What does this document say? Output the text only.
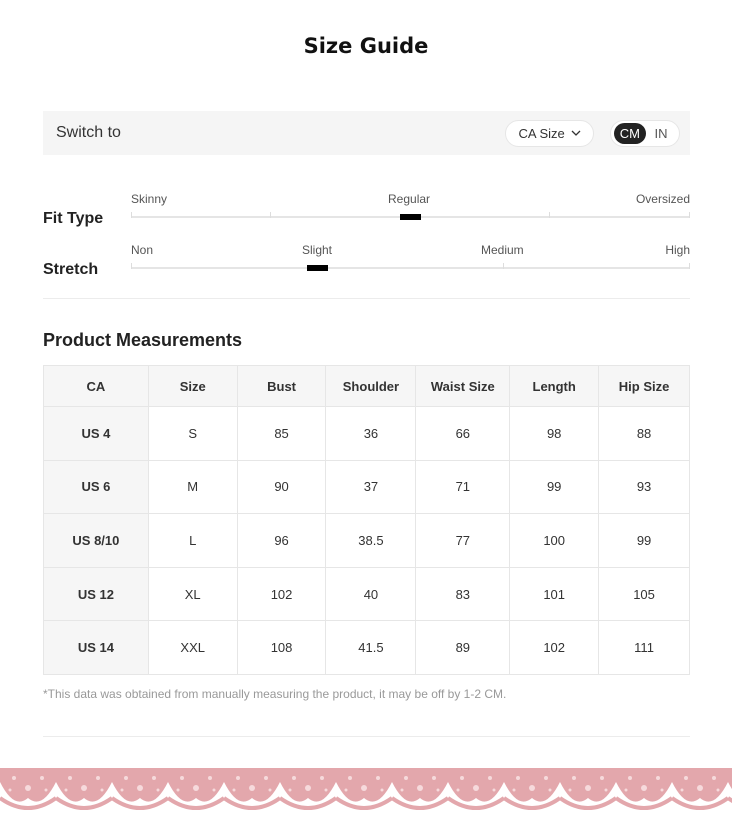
Size Guide
Switch to	CA Size	CM	IN
Fit Type
Skinny	Regular	Oversized
Stretch
Non	Slight	Medium	High
Product Measurements
CA	Size	Bust	Shoulder	Waist Size	Length	Hip Size
US 4	S	85	36	66	98	88
US 6	M	90	37	71	99	93
US 8/10	L	96	38.5	77	100	99
US 12	XL	102	40	83	101	105
US 14	XXL	108	41.5	89	102	111
*This data was obtained from manually measuring the product, it may be off by 1-2 CM.
